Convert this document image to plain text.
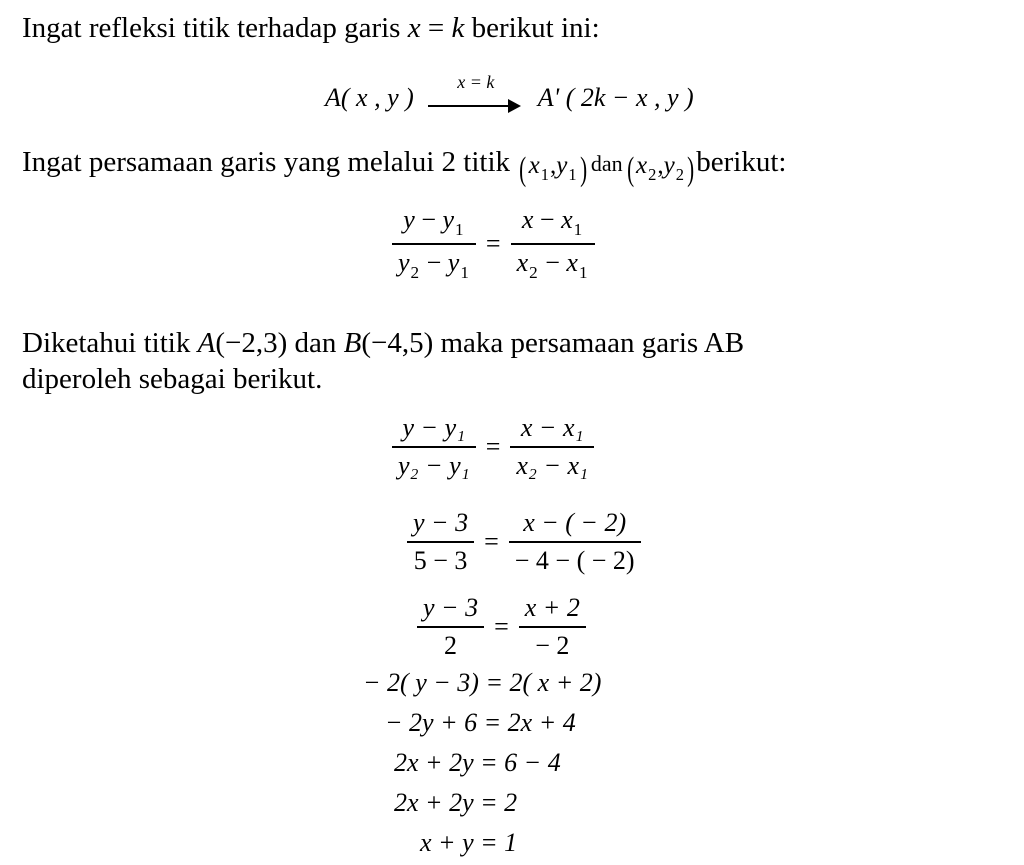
Ingat refleksi titik terhadap garis x = k berikut ini:
A( x , y )
x = k
A' ( 2k − x , y )
Ingat persamaan garis yang melalui 2 titik $(x_1,y_1)$ dan $(x_2,y_2)berikut$:
$\frac{y - y_1}{y_2 - y_1} = \frac{x - x_1}{x_2 - x_1}$
Diketahui titik A(−2,3) dan B(−4,5) maka persamaan garis AB
diperoleh sebagai berikut.
$\frac{\text{y − y₁}}{\text{y₂ − y₁}} = \frac{\text{x − x₁}}{\text{x₂ − x₁}}$
$\frac{y - 3}{5 - 3} = \frac{x - ( - 2)}{- 4 - ( - 2)}$
$\frac{y - 3}{2} = \frac{x + 2}{- 2}$
− 2( y − 3) = 2( x + 2)
− 2y + 6 = 2x + 4
2x + 2y = 6 − 4
2x + 2y = 2
x + y = 1
